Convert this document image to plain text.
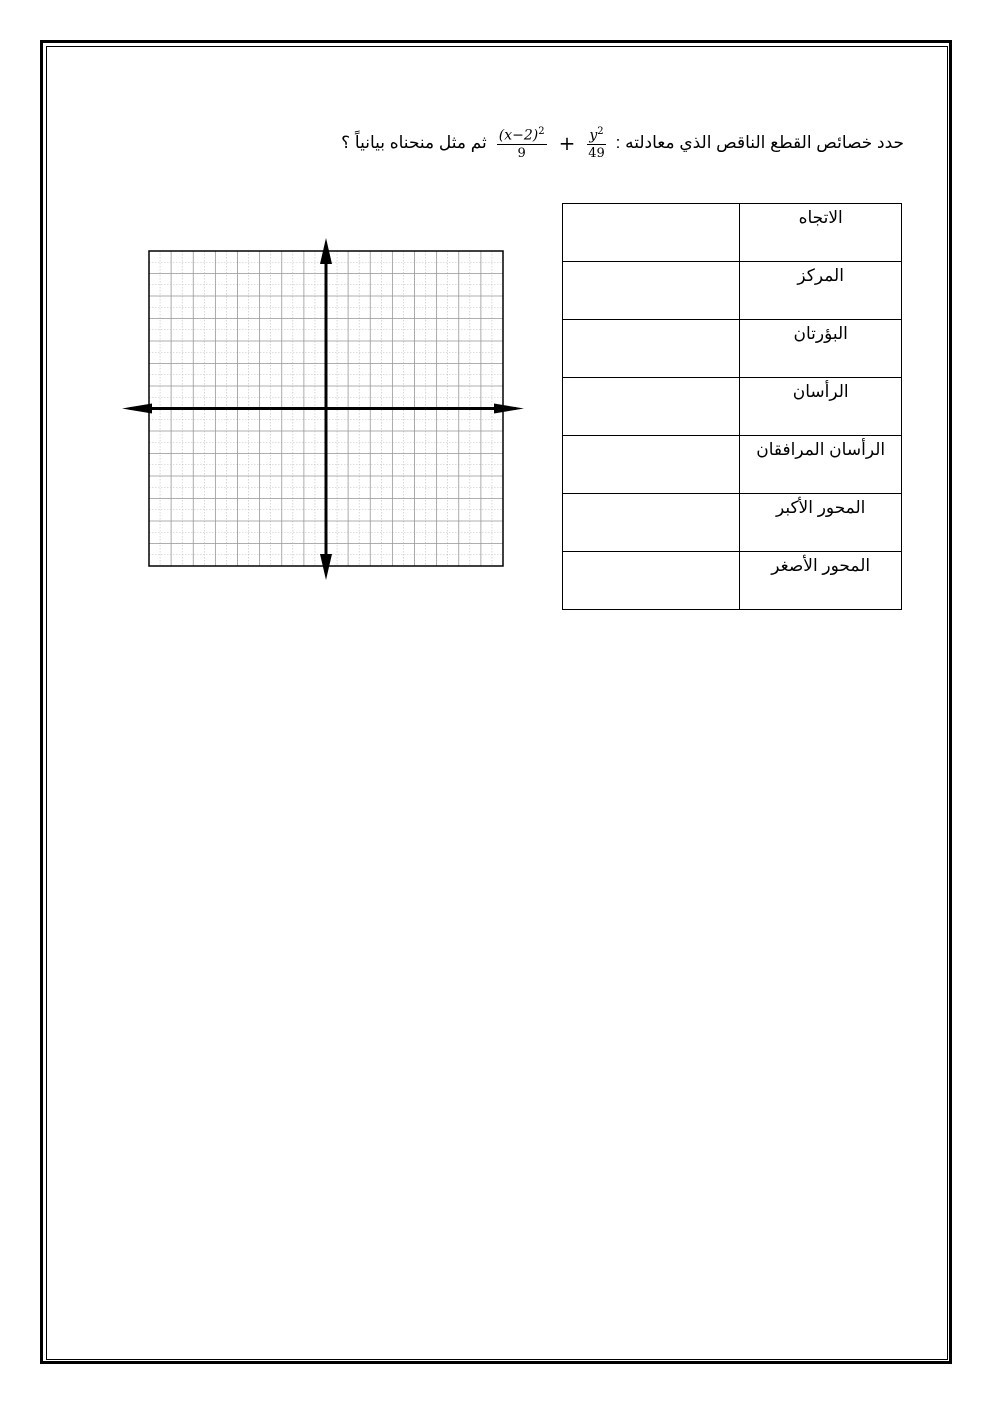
حدد خصائص القطع الناقص الذي معادلته :
$\frac{(x-2)^2}{9} + \frac{y^2}{49}$
ثم مثل منحناه بيانياً ؟
الاتجاه	
المركز	
البؤرتان	
الرأسان	
الرأسان المرافقان	
المحور الأكبر	
المحور الأصغر	
